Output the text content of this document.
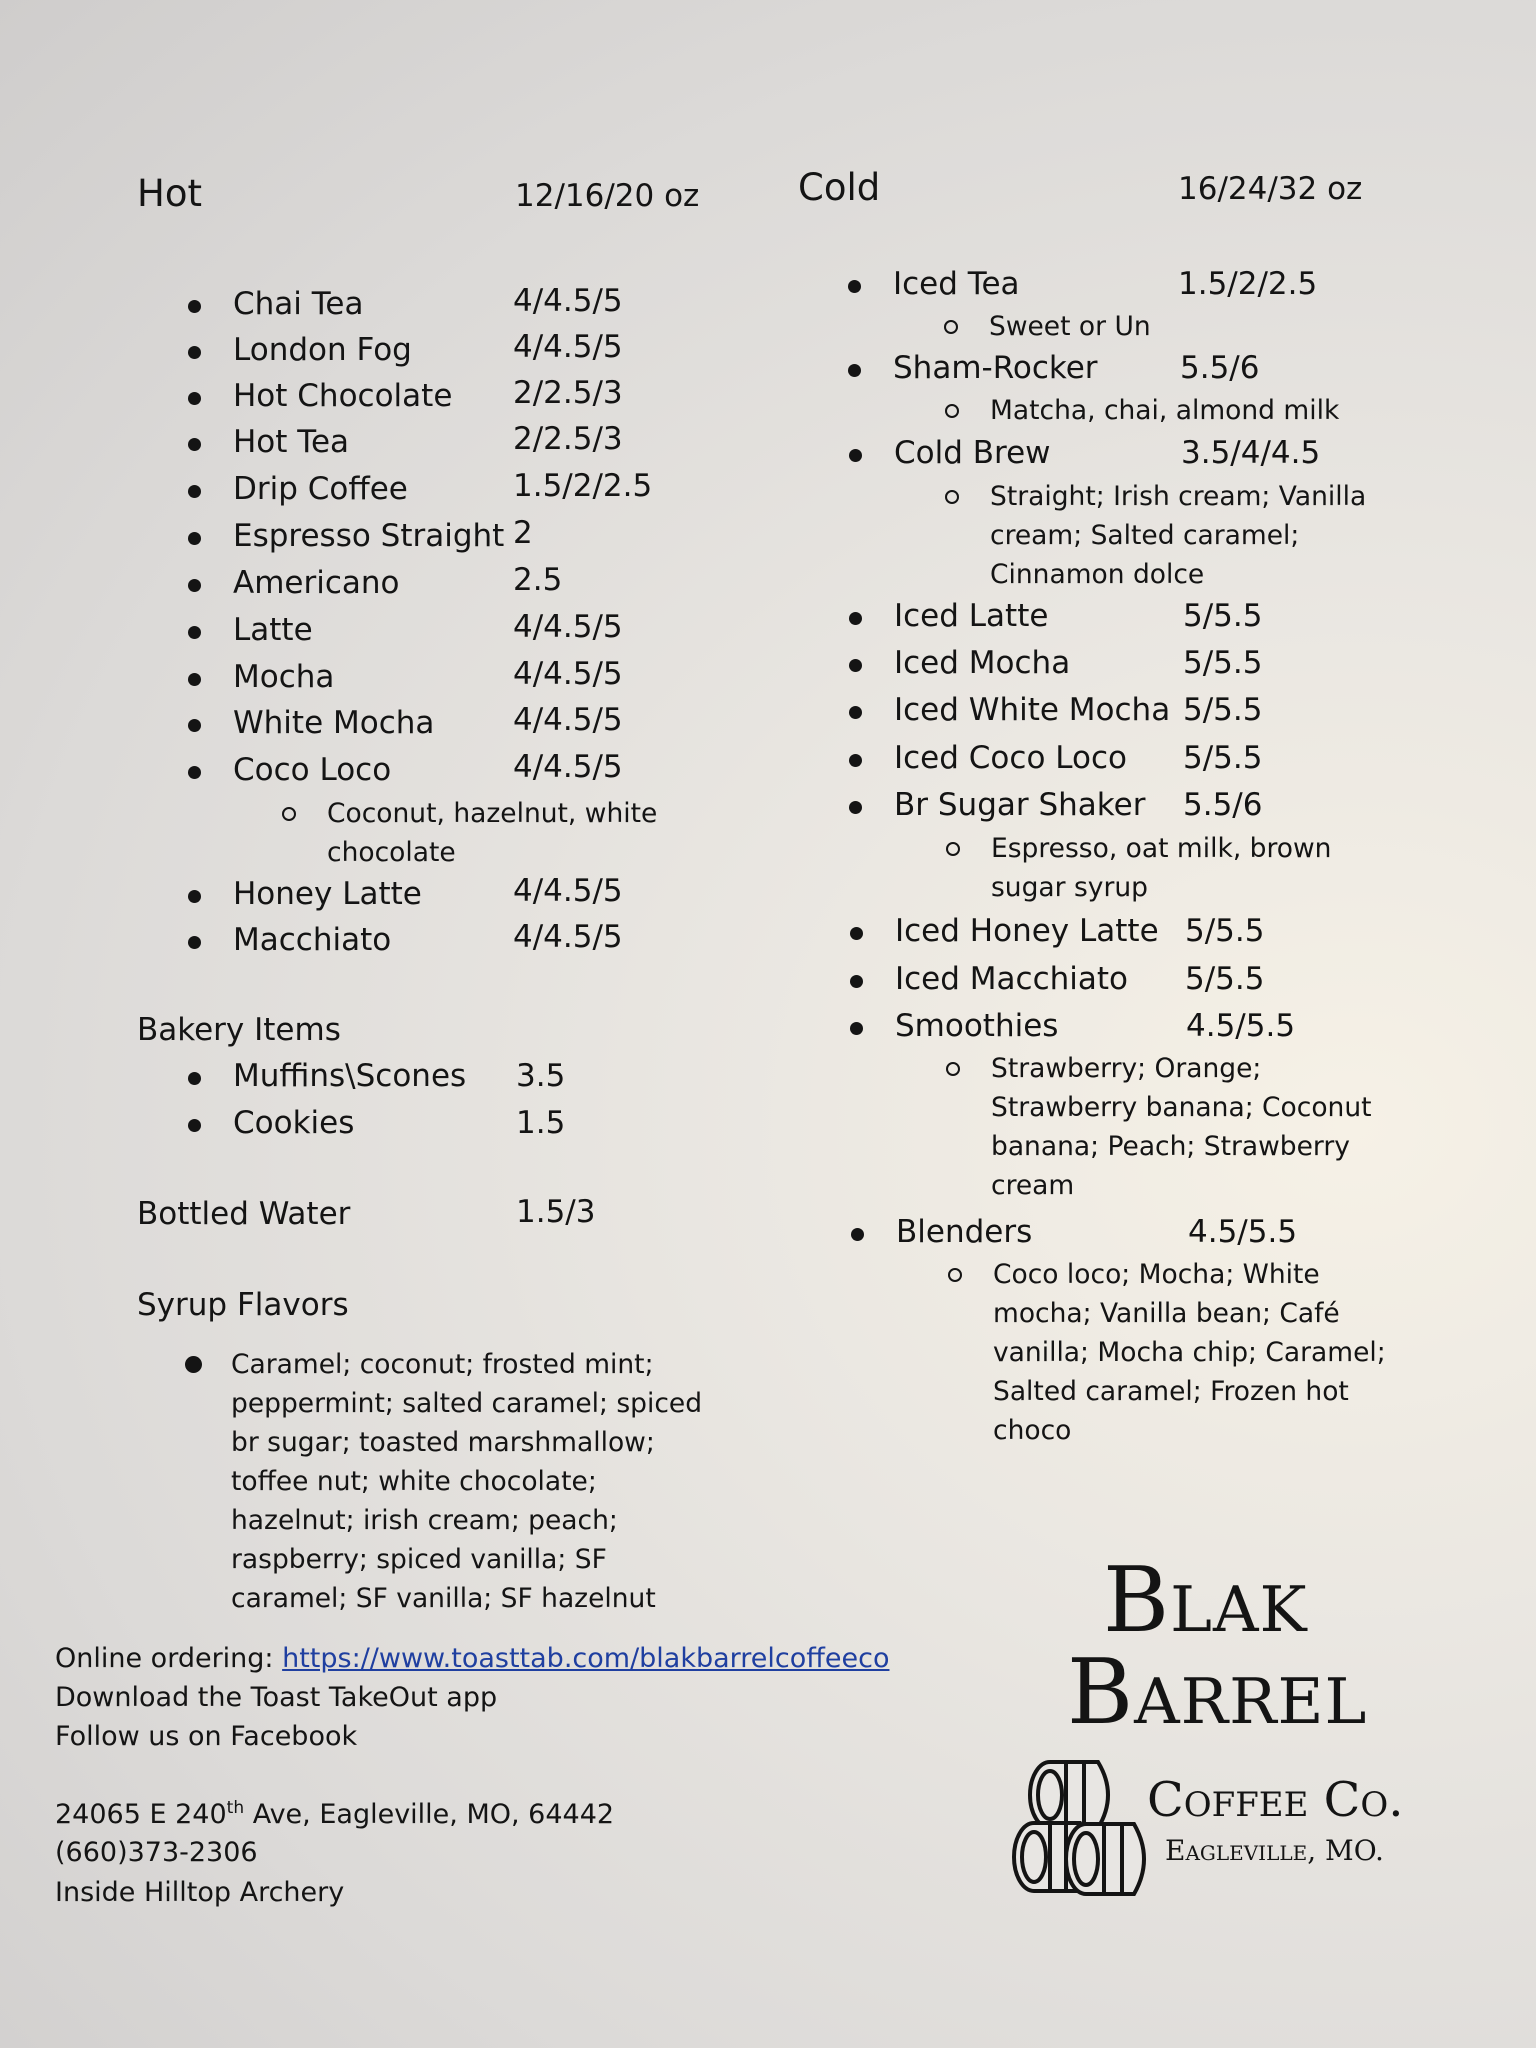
Hot	12/16/20 oz
Chai Tea	4/4.5/5
London Fog	4/4.5/5
Hot Chocolate 2/2.5/3
Hot Tea	2/2.5/3
Drip Coffee	1.5/2/2.5
Espresso Straight 2
Americano	2.5
Latte	4/4.5/5
Mocha	4/4.5/5
White Mocha	4/4.5/5
Coco Loco	4/4.5/5
Coconut, hazelnut, white chocolate
Honey Latte	4/4.5/5
Macchiato	4/4.5/5
Bakery Items
Muffins\Scones 3.5
Cookies	1.5
Bottled Water	1.5/3
Syrup Flavors
Caramel; coconut; frosted mint; peppermint; salted caramel; spiced br sugar; toasted marshmallow; toffee nut; white chocolate; hazelnut; irish cream; peach; raspberry; spiced vanilla; SF caramel; SF vanilla; SF hazelnut
Cold	16/24/32 oz
Iced Tea	1.5/2/2.5
Sweet or Un
Sham-Rocker	5.5/6
Matcha, chai, almond milk
Cold Brew	3.5/4/4.5
Straight; Irish cream; Vanilla cream; Salted caramel; Cinnamon dolce
Iced Latte	5/5.5
Iced Mocha	5/5.5
Iced White Mocha 5/5.5
Iced Coco Loco 5/5.5
Br Sugar Shaker 5.5/6
Espresso, oat milk, brown sugar syrup
Iced Honey Latte 5/5.5
Iced Macchiato 5/5.5
Smoothies	4.5/5.5
Strawberry; Orange; Strawberry banana; Coconut banana; Peach; Strawberry cream
Blenders	4.5/5.5
Coco loco; Mocha; White mocha; Vanilla bean; Café vanilla; Mocha chip; Caramel; Salted caramel; Frozen hot choco
Online ordering: https://www.toasttab.com/blakbarrelcoffeeco
Download the Toast TakeOut app
Follow us on Facebook
24065 E 240th Ave, Eagleville, MO, 64442
(660)373-2306
Inside Hilltop Archery
Blak
Barrel
Coffee Co.
Eagleville, MO.
